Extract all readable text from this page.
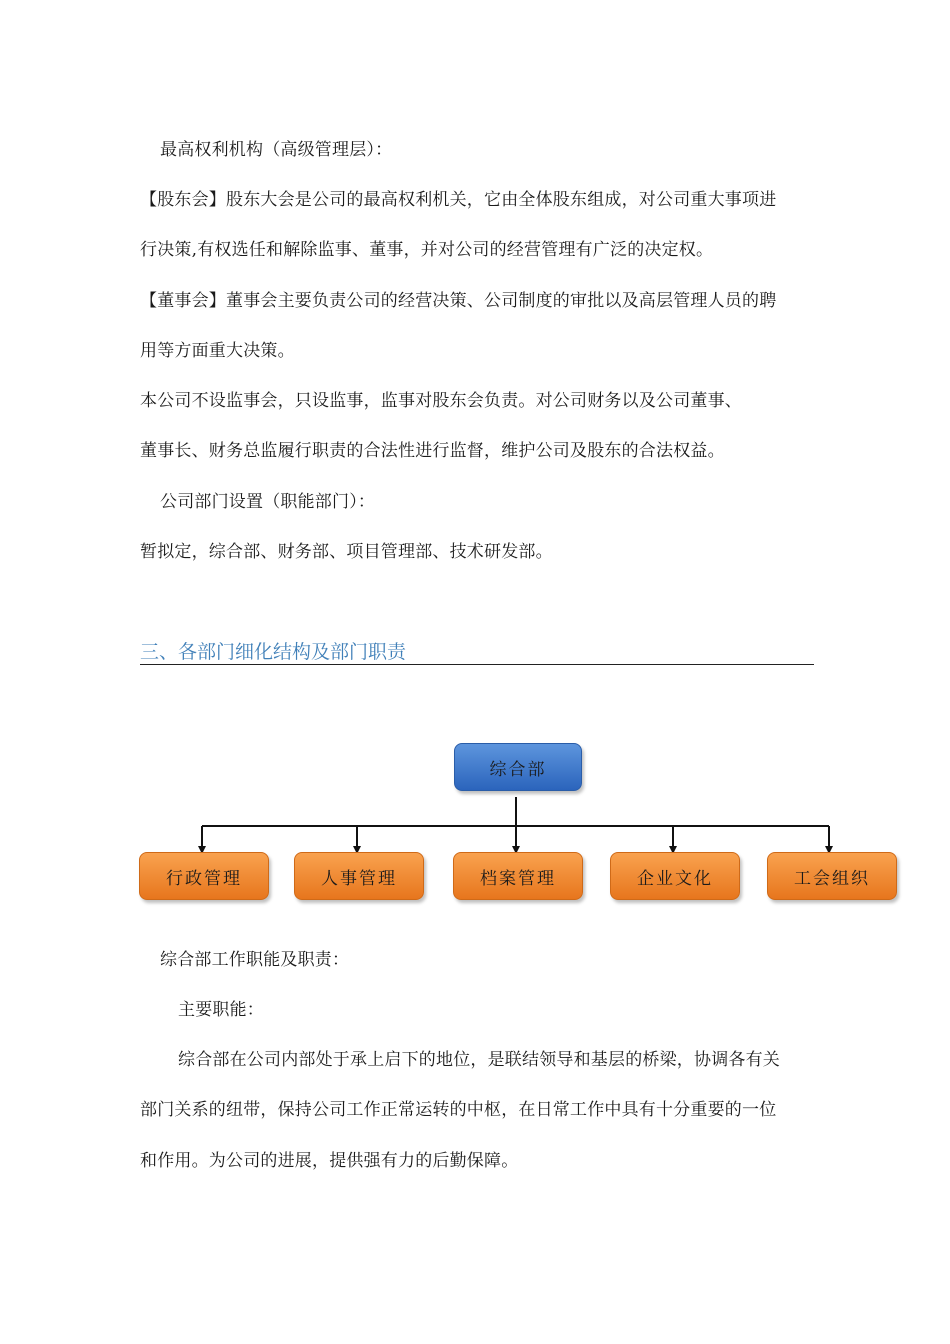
最高权利机构（高级管理层）：
【股东会】股东大会是公司的最高权利机关，它由全体股东组成，对公司重大事项进
行决策,有权选任和解除监事、董事，并对公司的经营管理有广泛的决定权。
【董事会】董事会主要负责公司的经营决策、公司制度的审批以及高层管理人员的聘
用等方面重大决策。
本公司不设监事会，只设监事，监事对股东会负责。对公司财务以及公司董事、
董事长、财务总监履行职责的合法性进行监督，维护公司及股东的合法权益。
公司部门设置（职能部门）：
暂拟定，综合部、财务部、项目管理部、技术研发部。
三、各部门细化结构及部门职责
综合部
行政管理	人事管理	档案管理	企业文化	工会组织
综合部工作职能及职责：
主要职能：
综合部在公司内部处于承上启下的地位，是联结领导和基层的桥梁，协调各有关
部门关系的纽带，保持公司工作正常运转的中枢，在日常工作中具有十分重要的一位
和作用。为公司的进展，提供强有力的后勤保障。
